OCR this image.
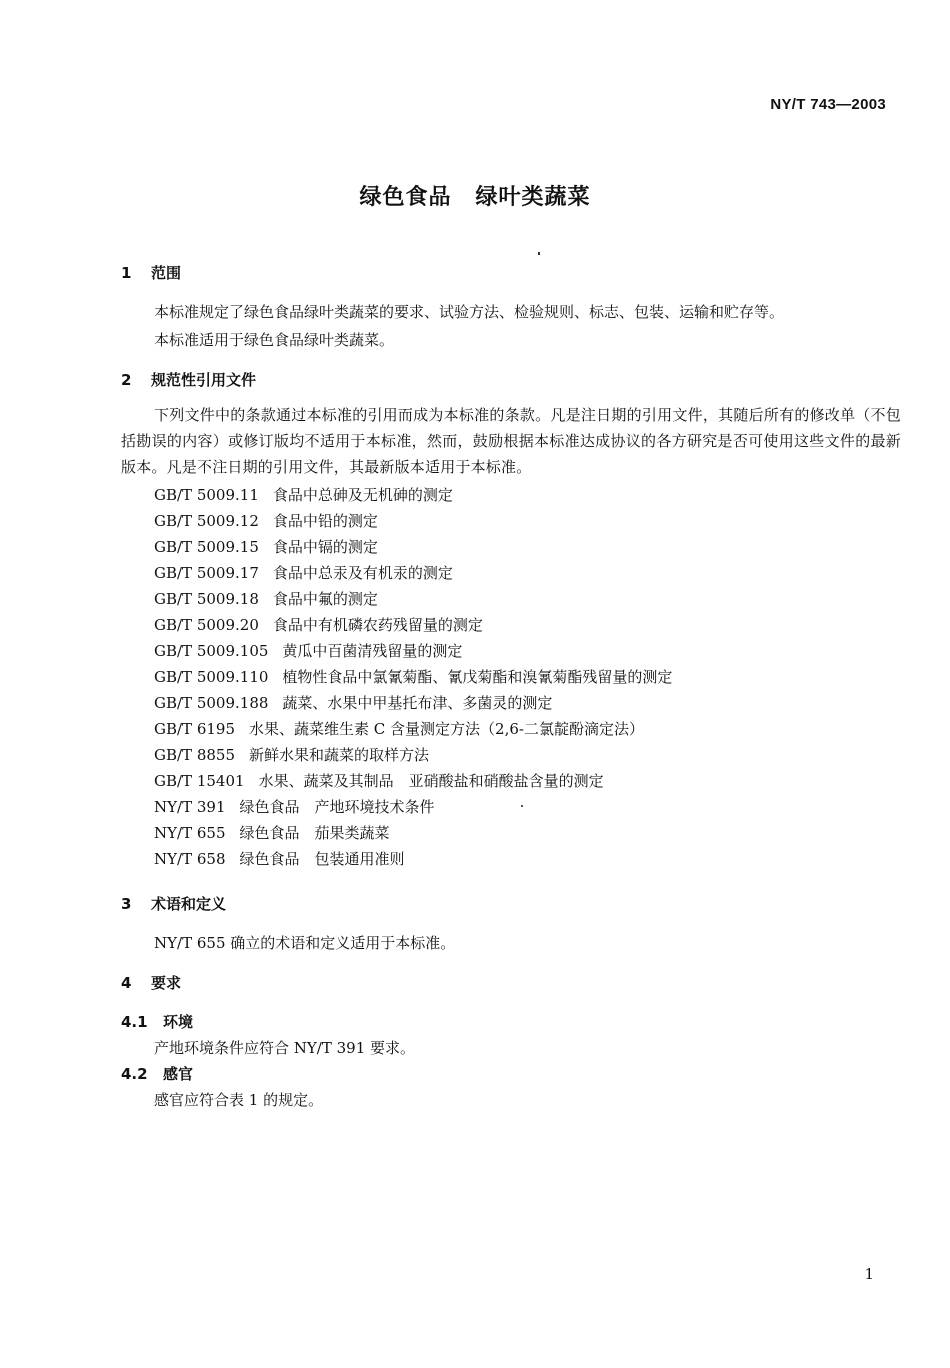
NY/T 743—2003
绿色食品 绿叶类蔬菜
1 范围
本标准规定了绿色食品绿叶类蔬菜的要求、试验方法、检验规则、标志、包装、运输和贮存等。
本标准适用于绿色食品绿叶类蔬菜。
2 规范性引用文件
下列文件中的条款通过本标准的引用而成为本标准的条款。凡是注日期的引用文件，其随后所有的修改单（不包括勘误的内容）或修订版均不适用于本标准，然而，鼓励根据本标准达成协议的各方研究是否可使用这些文件的最新版本。凡是不注日期的引用文件，其最新版本适用于本标准。
GB/T 5009.11 食品中总砷及无机砷的测定
GB/T 5009.12 食品中铅的测定
GB/T 5009.15 食品中镉的测定
GB/T 5009.17 食品中总汞及有机汞的测定
GB/T 5009.18 食品中氟的测定
GB/T 5009.20 食品中有机磷农药残留量的测定
GB/T 5009.105 黄瓜中百菌清残留量的测定
GB/T 5009.110 植物性食品中氯氰菊酯、氰戊菊酯和溴氰菊酯残留量的测定
GB/T 5009.188 蔬菜、水果中甲基托布津、多菌灵的测定
GB/T 6195 水果、蔬菜维生素 C 含量测定方法（2,6-二氯靛酚滴定法）
GB/T 8855 新鲜水果和蔬菜的取样方法
GB/T 15401 水果、蔬菜及其制品　亚硝酸盐和硝酸盐含量的测定
NY/T 391 绿色食品　产地环境技术条件
NY/T 655 绿色食品　茄果类蔬菜
NY/T 658 绿色食品　包装通用准则
3 术语和定义
NY/T 655 确立的术语和定义适用于本标准。
4 要求
4.1 环境
产地环境条件应符合 NY/T 391 要求。
4.2 感官
感官应符合表 1 的规定。
1
